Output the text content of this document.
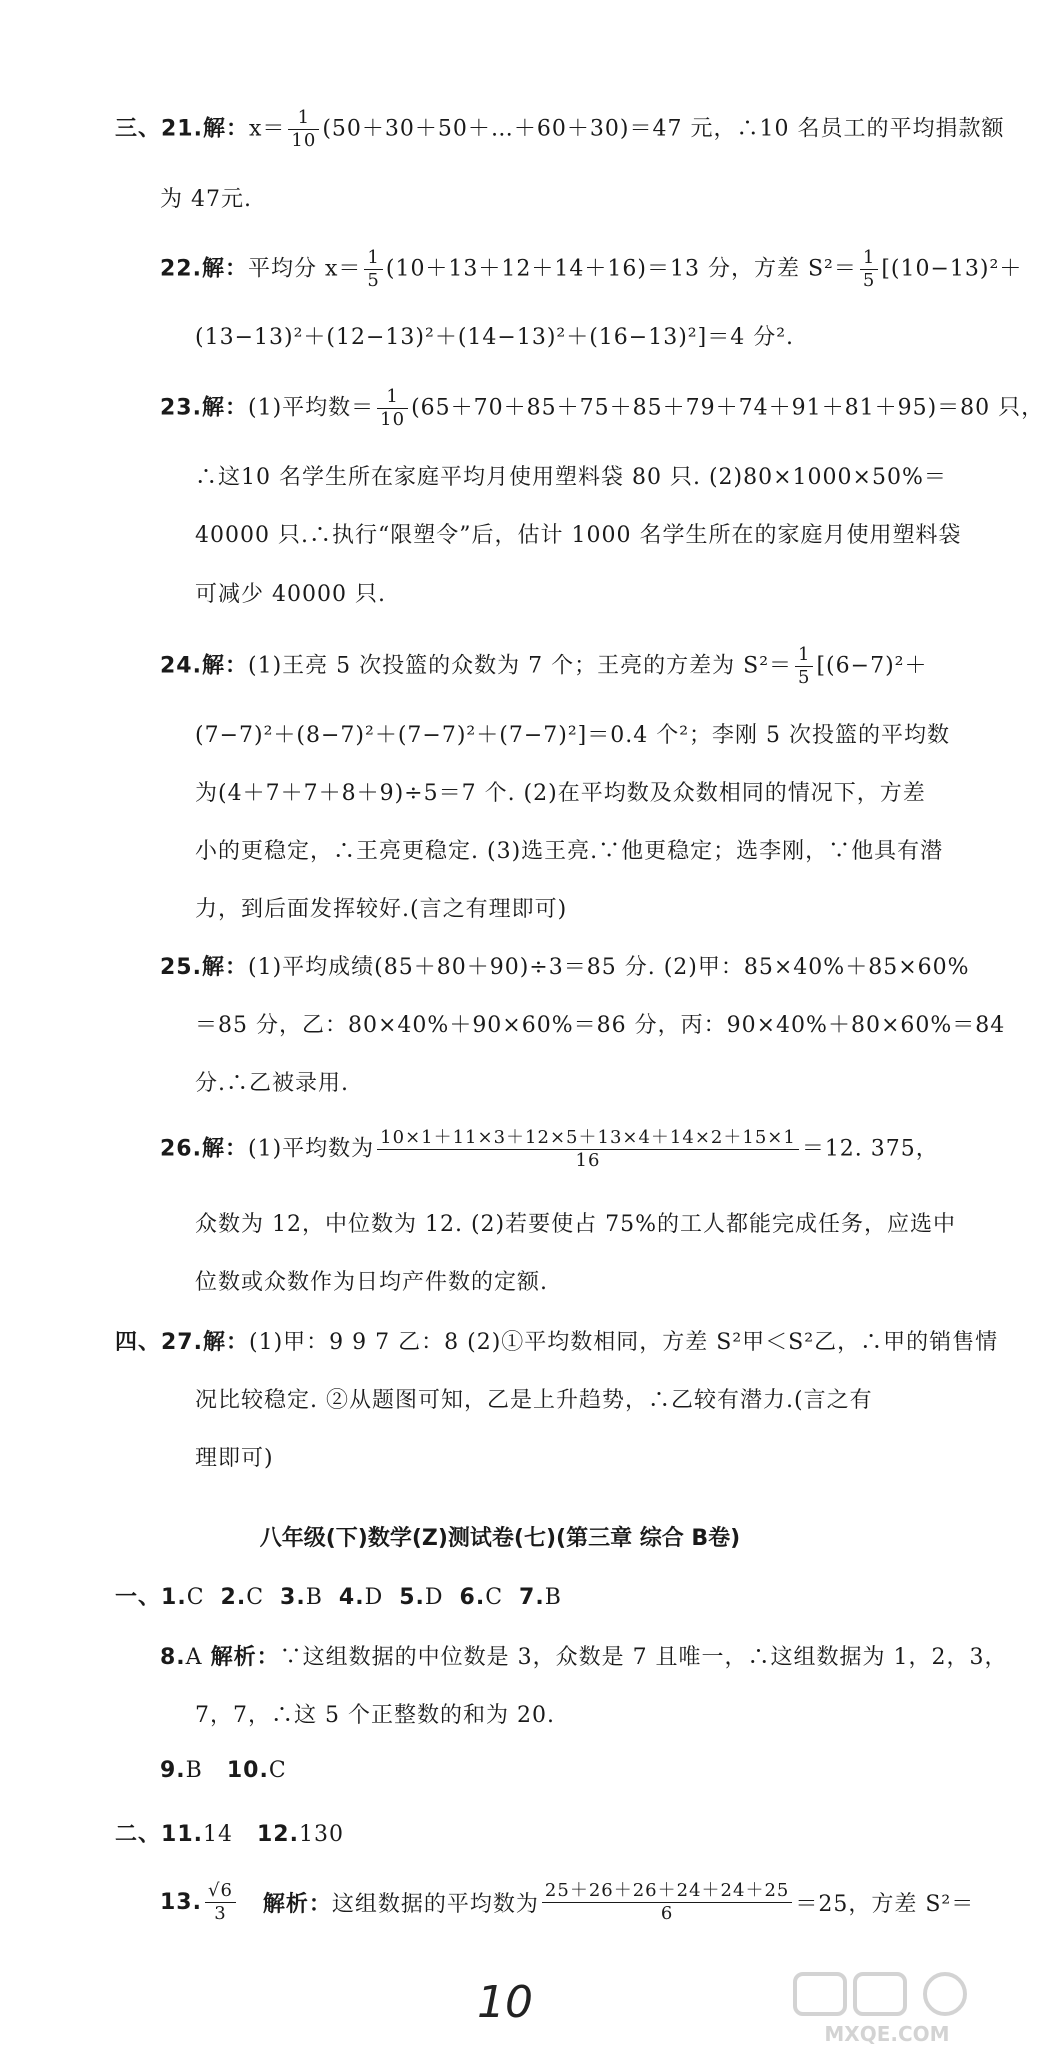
三、21.解：$x= \frac{1}{10}$ (50＋30＋50＋…＋60＋30)＝47 元，∴10 名员工的平均捐款额
为 47元.
22.解：平均分 $x= \frac{1}{5} (10+13+12+14+16)=13$ 分，方差 $S^2= \frac{1}{5} [(10-13)^2+$
(13−13)²＋(12−13)²＋(14−13)²＋(16−13)²]＝4 分².
23.解：(1)平均数＝ $\frac{1}{10} (65+70+85+75+85+79+74+91+81+95)=80$ 只，
∴这10 名学生所在家庭平均月使用塑料袋 80 只. (2)80×1000×50%＝
40000 只.∴执行“限塑令”后，估计 1000 名学生所在的家庭月使用塑料袋
可减少 40000 只.
24.解：(1)王亮 5 次投篮的众数为 7 个；王亮的方差为 $S^2= \frac{1}{5} [(6-7)^2+$
(7−7)²＋(8−7)²＋(7−7)²＋(7−7)²]＝0.4 个²；李刚 5 次投篮的平均数
为(4＋7＋7＋8＋9)÷5＝7 个. (2)在平均数及众数相同的情况下，方差
小的更稳定，∴王亮更稳定. (3)选王亮.∵他更稳定；选李刚，∵他具有潜
力，到后面发挥较好.(言之有理即可)
25.解：(1)平均成绩(85＋80＋90)÷3＝85 分. (2)甲：85×40%＋85×60%
＝85 分，乙：80×40%＋90×60%＝86 分，丙：90×40%＋80×60%＝84
分.∴乙被录用.
26.解：(1)平均数为 $\frac{10\times 1+11\times 3+12\times 5+13\times 4+14\times 2+15\times 1}{16} =12$. 375，
众数为 12，中位数为 12. (2)若要使占 75%的工人都能完成任务，应选中
位数或众数作为日均产件数的定额.
四、27.解：(1)甲：9 9 7 乙：8 (2)①平均数相同，方差 S²甲＜S²乙，∴甲的销售情
况比较稳定. ②从题图可知，乙是上升趋势，∴乙较有潜力.(言之有
理即可)
八年级(下)数学(Z)测试卷(七)(第三章 综合 B卷)
一、1.C 2.C 3.B 4.D 5.D 6.C 7.B
8.A 解析：∵这组数据的中位数是 3，众数是 7 且唯一，∴这组数据为 1，2，3，
7，7，∴这 5 个正整数的和为 20.
9.B   10.C
二、11.14   12.130
13. $\frac{√6}{3}$ 解析：这组数据的平均数为 $\frac{25+26+26+24+24+25}{6} =25$，方差 S²＝
10
MXQE.COM
